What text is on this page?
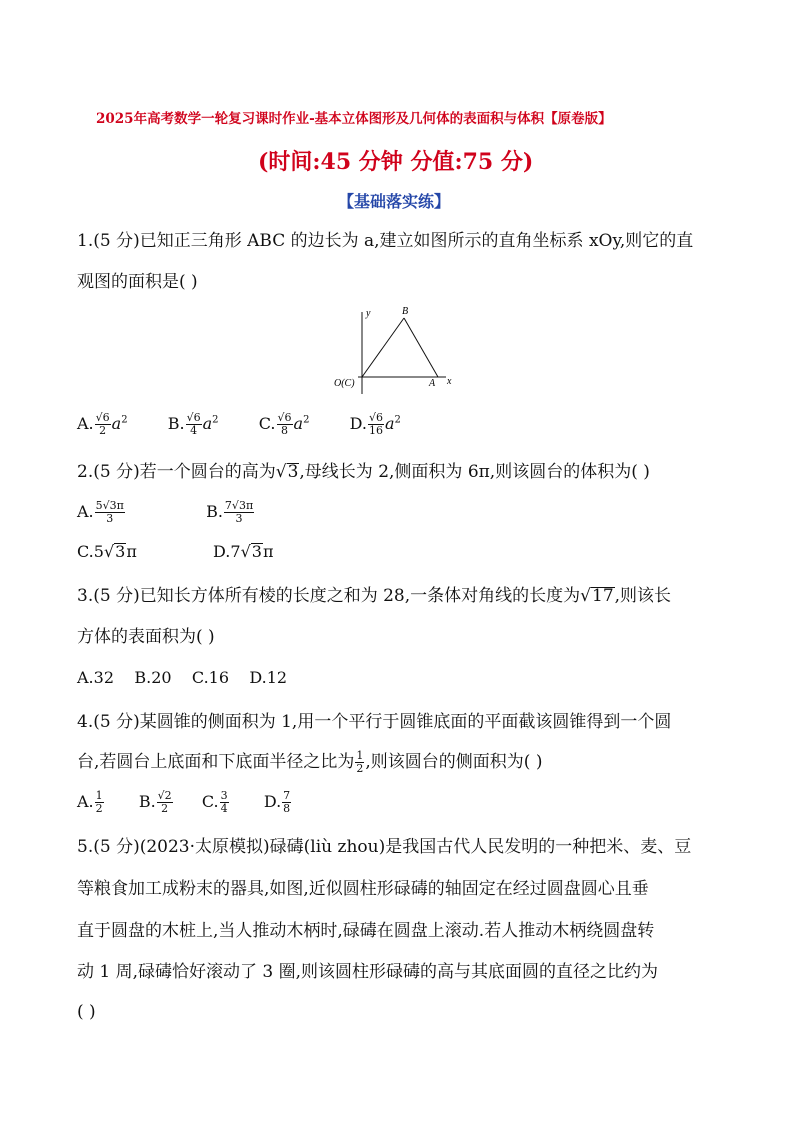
2025年高考数学一轮复习课时作业-基本立体图形及几何体的表面积与体积【原卷版】
(时间:45 分钟 分值:75 分)
【基础落实练】
1.(5 分)已知正三角形 ABC 的边长为 a,建立如图所示的直角坐标系 xOy,则它的直
观图的面积是( )
y	B
x
A
O(C)
A. $\frac{√6}{2} a^2$	B. $\frac{√6}{4} a^2$	C. $\frac{√6}{8} a^2$	D. $\frac{√6}{16} a^2$
2.(5 分)若一个圆台的高为√3,母线长为 2,侧面积为 6π,则该圆台的体积为( )
A. $\frac{5√3\pi}{3}$	B. $\frac{7√3\pi}{3}$
C.5√3π	D.7√3π
3.(5 分)已知长方体所有棱的长度之和为 28,一条体对角线的长度为√17,则该长
方体的表面积为( )
A.32    B.20    C.16    D.12
4.(5 分)某圆锥的侧面积为 1,用一个平行于圆锥底面的平面截该圆锥得到一个圆
台,若圆台上底面和下底面半径之比为 $\frac{1}{2}$ ,则该圆台的侧面积为( )
A. $\frac{1}{2} B$. $\frac{√2}{2} C$. $\frac{3}{4} D$. $\frac{7}{8}$
5.(5 分)(2023·太原模拟)碌碡(liù zhou)是我国古代人民发明的一种把米、麦、豆
等粮食加工成粉末的器具,如图,近似圆柱形碌碡的轴固定在经过圆盘圆心且垂
直于圆盘的木桩上,当人推动木柄时,碌碡在圆盘上滚动.若人推动木柄绕圆盘转
动 1 周,碌碡恰好滚动了 3 圈,则该圆柱形碌碡的高与其底面圆的直径之比约为
( )
